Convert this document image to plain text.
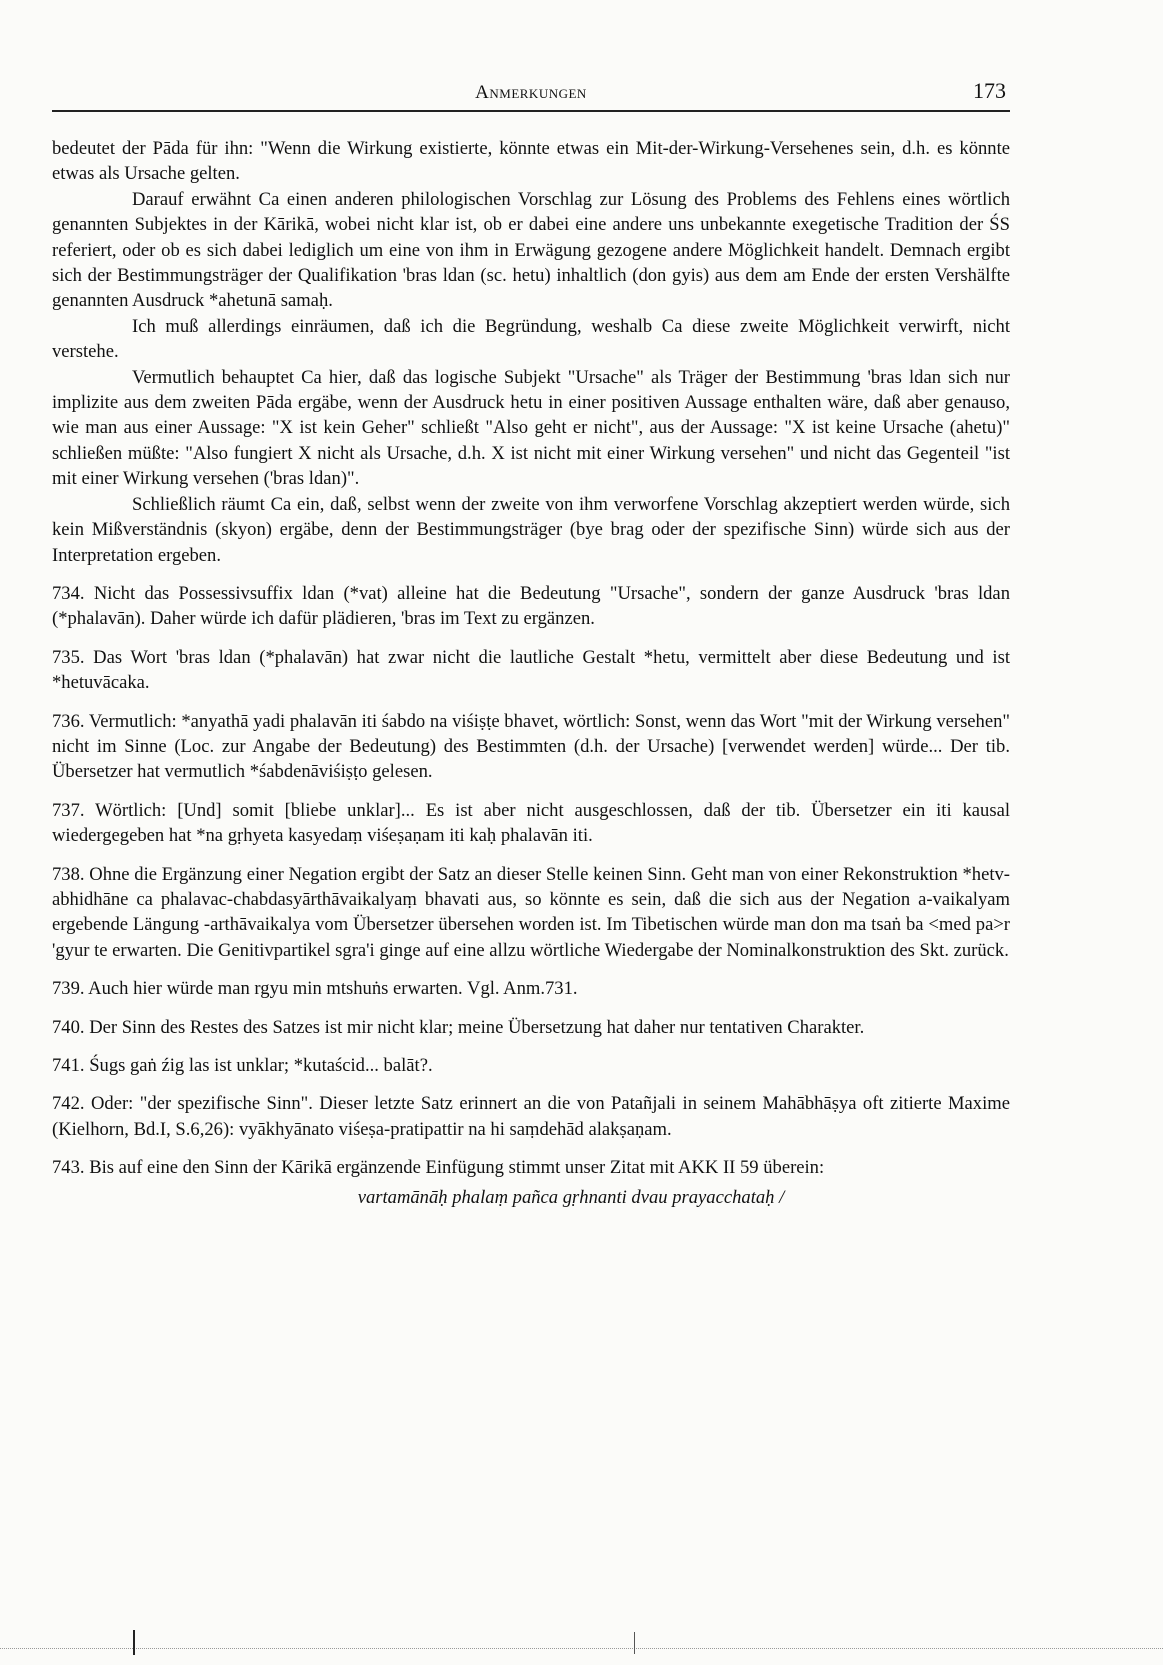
Anmerkungen	173

bedeutet der Pāda für ihn: "Wenn die Wirkung existierte, könnte etwas ein Mit-der-Wirkung-Versehenes sein, d.h. es könnte etwas als Ursache gelten.

Darauf erwähnt Ca einen anderen philologischen Vorschlag zur Lösung des Problems des Fehlens eines wörtlich genannten Subjektes in der Kārikā, wobei nicht klar ist, ob er dabei eine andere uns unbekannte exegetische Tradition der ŚS referiert, oder ob es sich dabei lediglich um eine von ihm in Erwägung gezogene andere Möglichkeit handelt. Demnach ergibt sich der Bestimmungsträger der Qualifikation 'bras ldan (sc. hetu) inhaltlich (don gyis) aus dem am Ende der ersten Vershälfte genannten Ausdruck *ahetunā samaḥ.

Ich muß allerdings einräumen, daß ich die Begründung, weshalb Ca diese zweite Möglichkeit verwirft, nicht verstehe.

Vermutlich behauptet Ca hier, daß das logische Subjekt "Ursache" als Träger der Bestimmung 'bras ldan sich nur implizite aus dem zweiten Pāda ergäbe, wenn der Ausdruck hetu in einer positiven Aussage enthalten wäre, daß aber genauso, wie man aus einer Aussage: "X ist kein Geher" schließt "Also geht er nicht", aus der Aussage: "X ist keine Ursache (ahetu)" schließen müßte: "Also fungiert X nicht als Ursache, d.h. X ist nicht mit einer Wirkung versehen" und nicht das Gegenteil "ist mit einer Wirkung versehen ('bras ldan)".

Schließlich räumt Ca ein, daß, selbst wenn der zweite von ihm verworfene Vorschlag akzeptiert werden würde, sich kein Mißverständnis (skyon) ergäbe, denn der Bestimmungsträger (bye brag oder der spezifische Sinn) würde sich aus der Interpretation ergeben.

734. Nicht das Possessivsuffix ldan (*vat) alleine hat die Bedeutung "Ursache", sondern der ganze Ausdruck 'bras ldan (*phalavān). Daher würde ich dafür plädieren, 'bras im Text zu ergänzen.

735. Das Wort 'bras ldan (*phalavān) hat zwar nicht die lautliche Gestalt *hetu, vermittelt aber diese Bedeutung und ist *hetuvācaka.

736. Vermutlich: *anyathā yadi phalavān iti śabdo na viśiṣṭe bhavet, wörtlich: Sonst, wenn das Wort "mit der Wirkung versehen" nicht im Sinne (Loc. zur Angabe der Bedeutung) des Bestimmten (d.h. der Ursache) [verwendet werden] würde... Der tib. Übersetzer hat vermutlich *śabdenāviśiṣṭo gelesen.

737. Wörtlich: [Und] somit [bliebe unklar]... Es ist aber nicht ausgeschlossen, daß der tib. Übersetzer ein iti kausal wiedergegeben hat *na gṛhyeta kasyedaṃ viśeṣaṇam iti kaḥ phalavān iti.

738. Ohne die Ergänzung einer Negation ergibt der Satz an dieser Stelle keinen Sinn. Geht man von einer Rekonstruktion *hetv-abhidhāne ca phalavac-chabdasyārthāvaikalyaṃ bhavati aus, so könnte es sein, daß die sich aus der Negation a-vaikalyam ergebende Längung -arthāvaikalya vom Übersetzer übersehen worden ist. Im Tibetischen würde man don ma tsaṅ ba <med pa>r 'gyur te erwarten. Die Genitivpartikel sgra'i ginge auf eine allzu wörtliche Wiedergabe der Nominalkonstruktion des Skt. zurück.

739. Auch hier würde man rgyu min mtshuṅs erwarten. Vgl. Anm.731.

740. Der Sinn des Restes des Satzes ist mir nicht klar; meine Übersetzung hat daher nur tentativen Charakter.

741. Śugs gaṅ źig las ist unklar; *kutaścid... balāt?.

742. Oder: "der spezifische Sinn". Dieser letzte Satz erinnert an die von Patañjali in seinem Mahābhāṣya oft zitierte Maxime (Kielhorn, Bd.I, S.6,26): vyākhyānato viśeṣa-pratipattir na hi saṃdehād alakṣaṇam.

743. Bis auf eine den Sinn der Kārikā ergänzende Einfügung stimmt unser Zitat mit AKK II 59 überein:

vartamānāḥ phalaṃ pañca gṛhnanti dvau prayacchataḥ /
